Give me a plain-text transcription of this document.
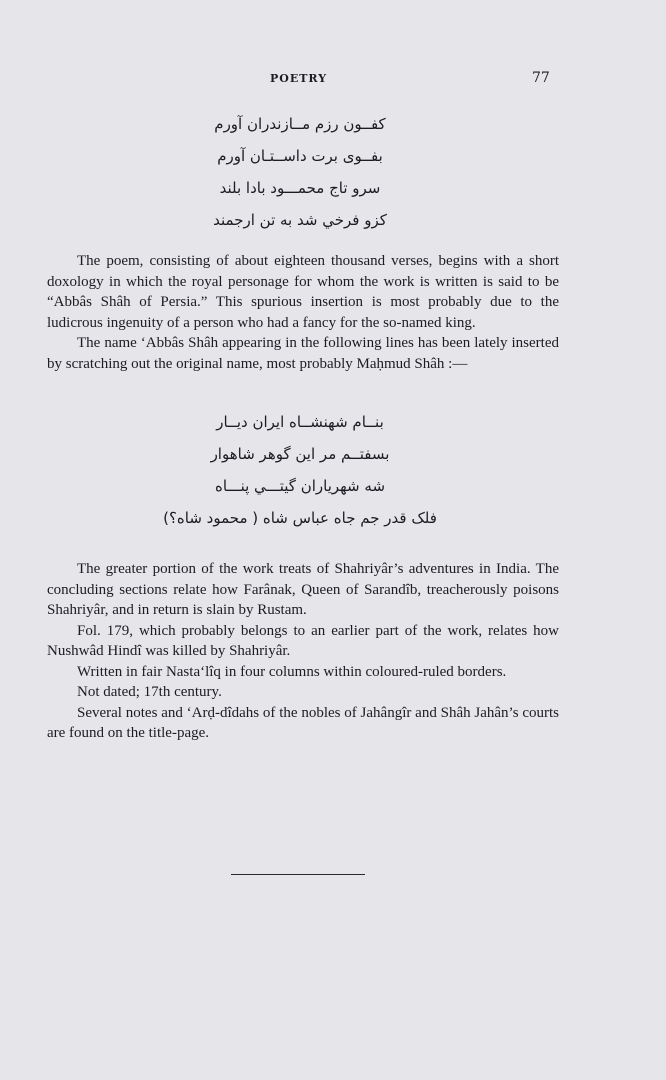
POETRY	77
کفــون رزم مــازندران آورم
بفــوی برت داســتـان آورم
سرو تاج محمـــود بادا بلند
کزو فرخي شد به تن ارجمند

The poem, consisting of about eighteen thousand verses, begins with a short doxology in which the royal personage for whom the work is written is said to be “Abbâs Shâh of Persia.” This spurious insertion is most probably due to the ludicrous ingenuity of a person who had a fancy for the so-named king.

The name ‘Abbâs Shâh appearing in the following lines has been lately inserted by scratching out the original name, most probably Maḥmud Shâh :—

بنــام شهنشــاه ایران دیــار
بسفتــم مر این گوهر شاهوار
شه شهریاران گیتـــي پنـــاه
فلک قدر جم جاه عباس شاه ( محمود شاه؟)

The greater portion of the work treats of Shahriyâr’s adventures in India. The concluding sections relate how Farânak, Queen of Sarandîb, treacherously poisons Shahriyâr, and in return is slain by Rustam.

Fol. 179, which probably belongs to an earlier part of the work, relates how Nushwâd Hindî was killed by Shahriyâr.

Written in fair Nasta‘lîq in four columns within coloured-ruled borders.

Not dated; 17th century.

Several notes and ‘Arḍ-dîdahs of the nobles of Jahângîr and Shâh Jahân’s courts are found on the title-page.
